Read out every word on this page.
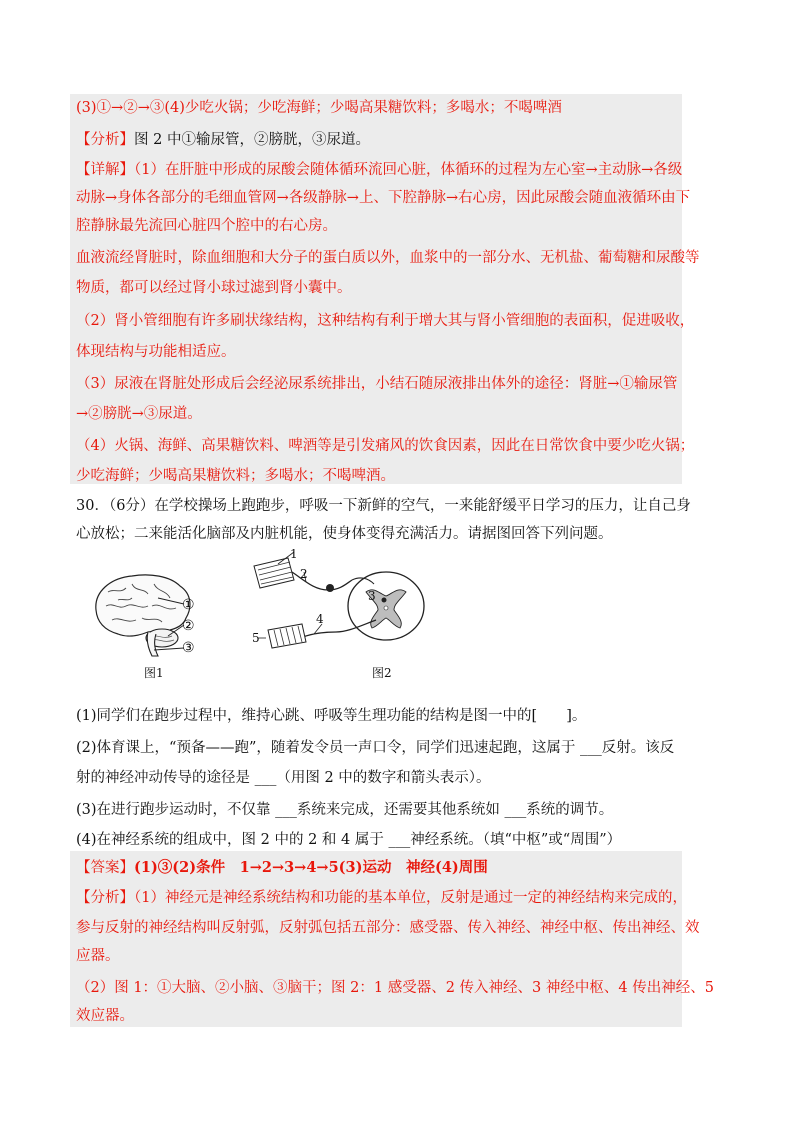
(3)①→②→③(4)少吃火锅；少吃海鲜；少喝高果糖饮料；多喝水；不喝啤酒
【分析】图 2 中①输尿管，②膀胱，③尿道。
【详解】（1）在肝脏中形成的尿酸会随体循环流回心脏，体循环的过程为左心室→主动脉→各级
动脉→身体各部分的毛细血管网→各级静脉→上、下腔静脉→右心房，因此尿酸会随血液循环由下
腔静脉最先流回心脏四个腔中的右心房。
血液流经肾脏时，除血细胞和大分子的蛋白质以外，血浆中的一部分水、无机盐、葡萄糖和尿酸等
物质，都可以经过肾小球过滤到肾小囊中。
（2）肾小管细胞有许多刷状缘结构，这种结构有利于增大其与肾小管细胞的表面积，促进吸收，
体现结构与功能相适应。
（3）尿液在肾脏处形成后会经泌尿系统排出，小结石随尿液排出体外的途径：肾脏→①输尿管
→②膀胱→③尿道。
（4）火锅、海鲜、高果糖饮料、啤酒等是引发痛风的饮食因素，因此在日常饮食中要少吃火锅；
少吃海鲜；少喝高果糖饮料；多喝水；不喝啤酒。
30．（6分）在学校操场上跑跑步，呼吸一下新鲜的空气，一来能舒缓平日学习的压力，让自己身
心放松；二来能活化脑部及内脏机能，使身体变得充满活力。请据图回答下列问题。
①
②
③
图1
1
2
3
4
5
图2
(1)同学们在跑步过程中，维持心跳、呼吸等生理功能的结构是图一中的[　　]。
(2)体育课上，“预备——跑”，随着发令员一声口令，同学们迅速起跑，这属于 ___反射。该反
射的神经冲动传导的途径是 ___（用图 2 中的数字和箭头表示）。
(3)在进行跑步运动时，不仅靠 ___系统来完成，还需要其他系统如 ___系统的调节。
(4)在神经系统的组成中，图 2 中的 2 和 4 属于 ___神经系统。（填“中枢”或“周围”）
【答案】(1)③(2)条件　1→2→3→4→5(3)运动　神经(4)周围
【分析】（1）神经元是神经系统结构和功能的基本单位，反射是通过一定的神经结构来完成的，
参与反射的神经结构叫反射弧，反射弧包括五部分：感受器、传入神经、神经中枢、传出神经、效
应器。
（2）图 1：①大脑、②小脑、③脑干；图 2：1 感受器、2 传入神经、3 神经中枢、4 传出神经、5
效应器。
